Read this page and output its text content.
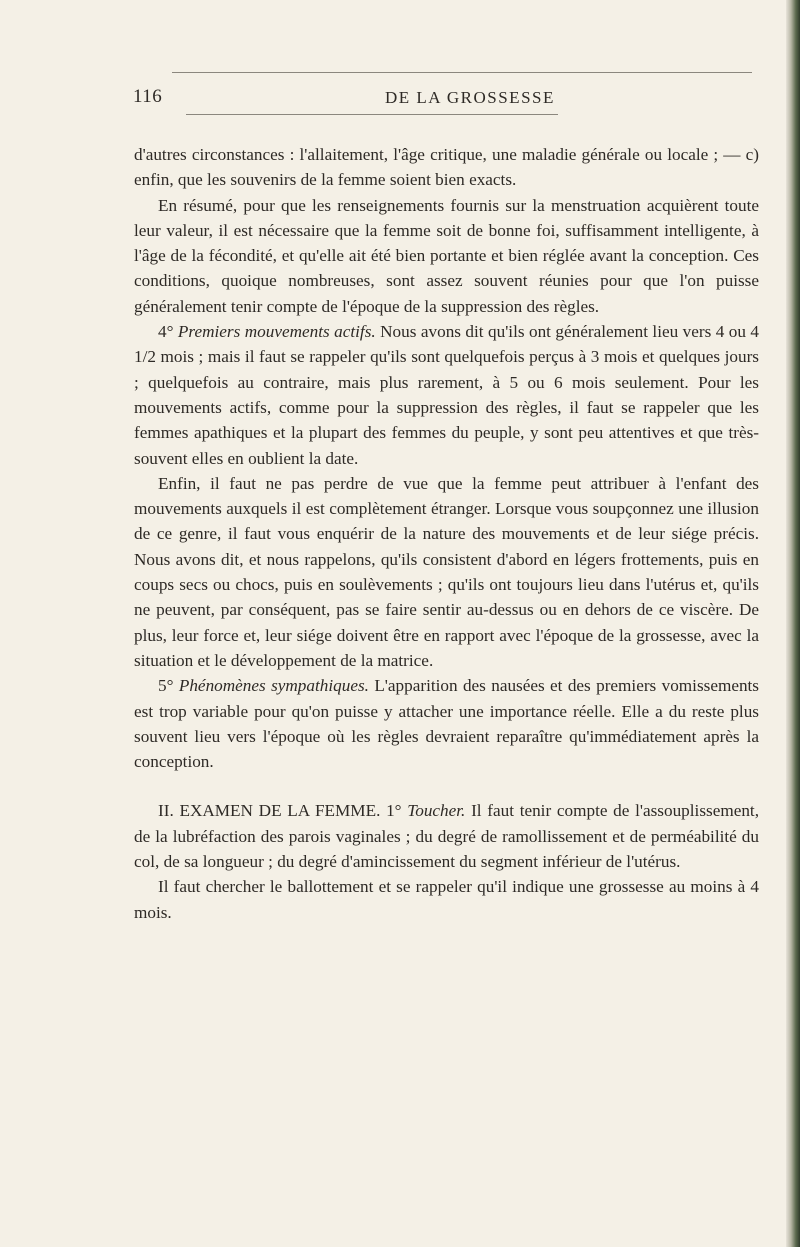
116	DE LA GROSSESSE

d'autres circonstances : l'allaitement, l'âge critique, une maladie générale ou locale ; — c) enfin, que les souvenirs de la femme soient bien exacts.

En résumé, pour que les renseignements fournis sur la menstruation acquièrent toute leur valeur, il est nécessaire que la femme soit de bonne foi, suffisamment intelligente, à l'âge de la fécondité, et qu'elle ait été bien portante et bien réglée avant la conception. Ces conditions, quoique nombreuses, sont assez souvent réunies pour que l'on puisse généralement tenir compte de l'époque de la suppression des règles.

4° Premiers mouvements actifs. Nous avons dit qu'ils ont généralement lieu vers 4 ou 4 1/2 mois ; mais il faut se rappeler qu'ils sont quelquefois perçus à 3 mois et quelques jours ; quelquefois au contraire, mais plus rarement, à 5 ou 6 mois seulement. Pour les mouvements actifs, comme pour la suppression des règles, il faut se rappeler que les femmes apathiques et la plupart des femmes du peuple, y sont peu attentives et que très-souvent elles en oublient la date.

Enfin, il faut ne pas perdre de vue que la femme peut attribuer à l'enfant des mouvements auxquels il est complètement étranger. Lorsque vous soupçonnez une illusion de ce genre, il faut vous enquérir de la nature des mouvements et de leur siége précis. Nous avons dit, et nous rappelons, qu'ils consistent d'abord en légers frottements, puis en coups secs ou chocs, puis en soulèvements ; qu'ils ont toujours lieu dans l'utérus et, qu'ils ne peuvent, par conséquent, pas se faire sentir au-dessus ou en dehors de ce viscère. De plus, leur force et, leur siége doivent être en rapport avec l'époque de la grossesse, avec la situation et le développement de la matrice.

5° Phénomènes sympathiques. L'apparition des nausées et des premiers vomissements est trop variable pour qu'on puisse y attacher une importance réelle. Elle a du reste plus souvent lieu vers l'époque où les règles devraient reparaître qu'immédiatement après la conception.

II. EXAMEN DE LA FEMME. 1° Toucher. Il faut tenir compte de l'assouplissement, de la lubréfaction des parois vaginales ; du degré de ramollissement et de perméabilité du col, de sa longueur ; du degré d'amincissement du segment inférieur de l'utérus.

Il faut chercher le ballottement et se rappeler qu'il indique une grossesse au moins à 4 mois.
